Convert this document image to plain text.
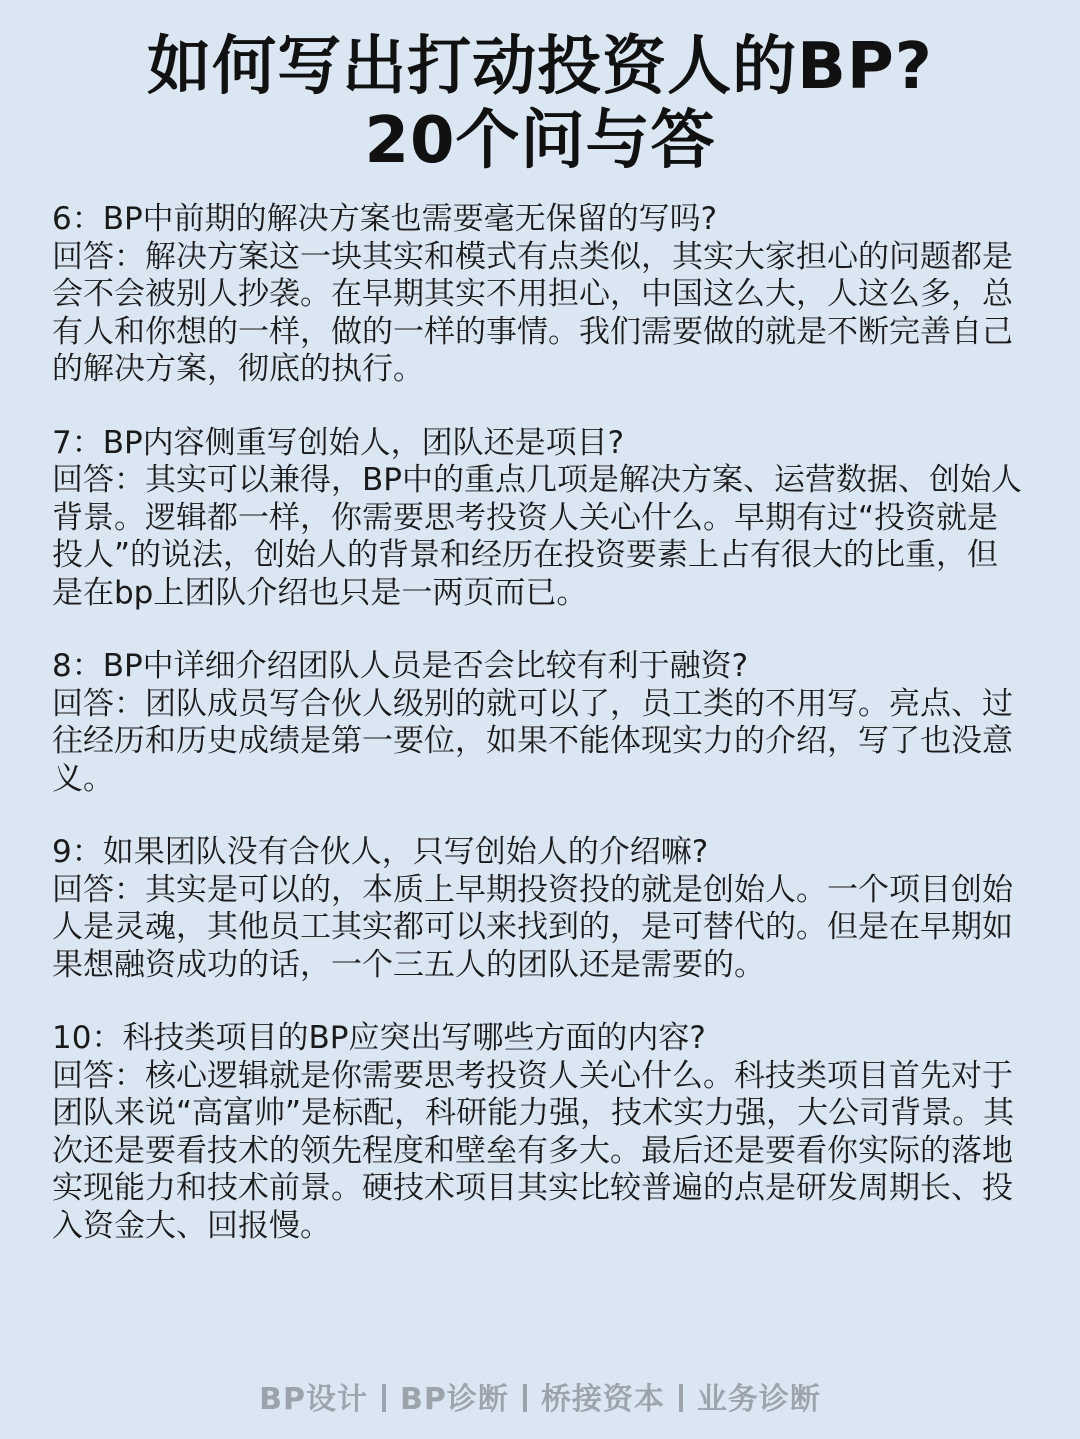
如何写出打动投资人的BP?
20个问与答
6：BP中前期的解决方案也需要毫无保留的写吗?
回答：解决方案这一块其实和模式有点类似，其实大家担心的问题都是会不会被别人抄袭。在早期其实不用担心，中国这么大，人这么多，总有人和你想的一样，做的一样的事情。我们需要做的就是不断完善自己的解决方案，彻底的执行。
7：BP内容侧重写创始人，团队还是项目?
回答：其实可以兼得，BP中的重点几项是解决方案、运营数据、创始人背景。逻辑都一样，你需要思考投资人关心什么。早期有过“投资就是投人”的说法，创始人的背景和经历在投资要素上占有很大的比重，但是在bp上团队介绍也只是一两页而已。
8：BP中详细介绍团队人员是否会比较有利于融资?
回答：团队成员写合伙人级别的就可以了，员工类的不用写。亮点、过往经历和历史成绩是第一要位，如果不能体现实力的介绍，写了也没意义。
9：如果团队没有合伙人，只写创始人的介绍嘛?
回答：其实是可以的，本质上早期投资投的就是创始人。一个项目创始人是灵魂，其他员工其实都可以来找到的，是可替代的。但是在早期如果想融资成功的话，一个三五人的团队还是需要的。
10：科技类项目的BP应突出写哪些方面的内容?
回答：核心逻辑就是你需要思考投资人关心什么。科技类项目首先对于团队来说“高富帅”是标配，科研能力强，技术实力强，大公司背景。其次还是要看技术的领先程度和壁垒有多大。最后还是要看你实际的落地实现能力和技术前景。硬技术项目其实比较普遍的点是研发周期长、投入资金大、回报慢。
BP设计 BP诊断 桥接资本 业务诊断
